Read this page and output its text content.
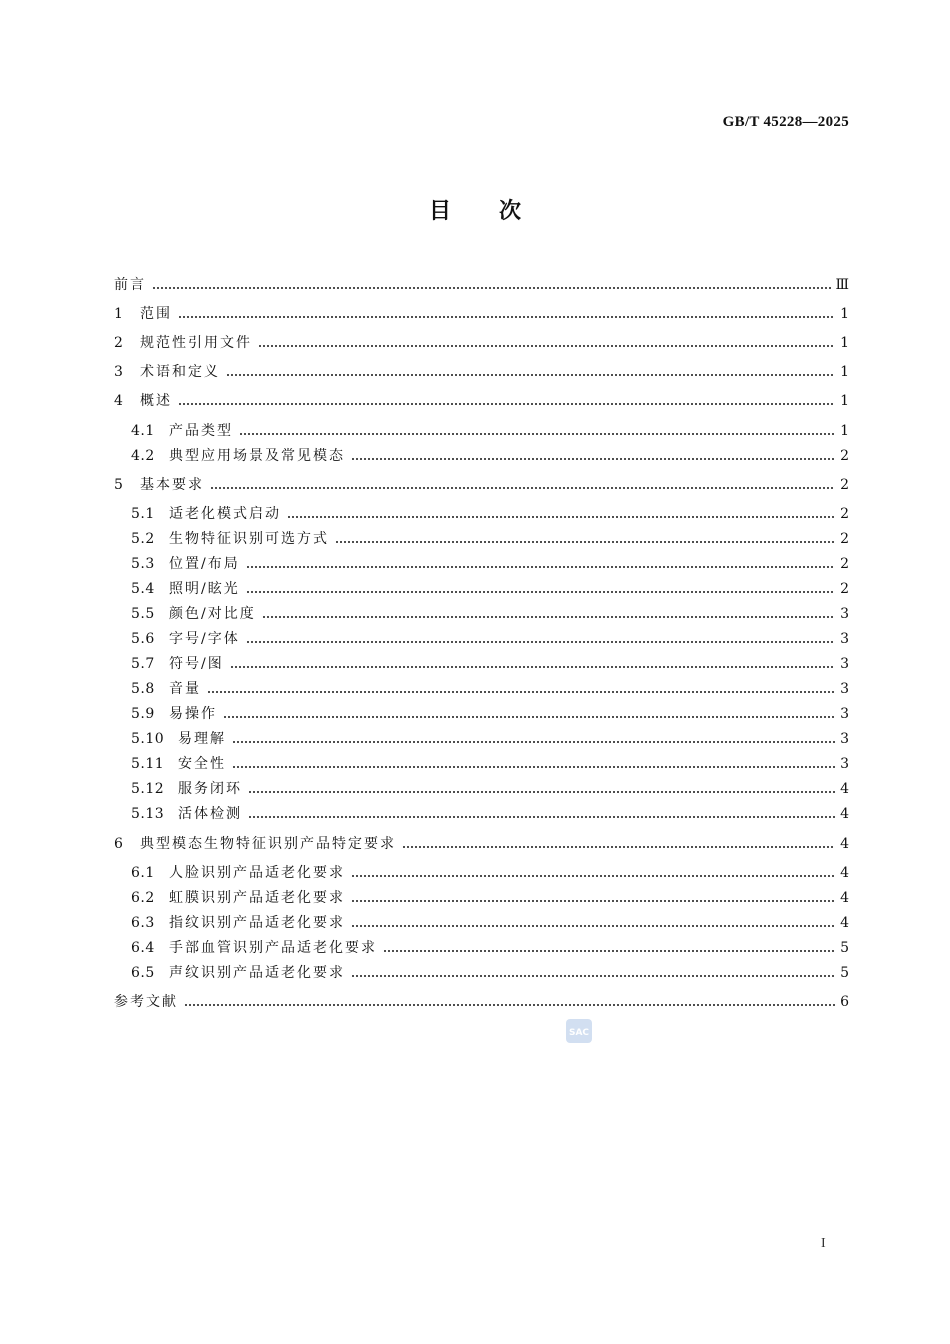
GB/T 45228—2025
目 次
前言	Ⅲ
1	范围	1
2	规范性引用文件	1
3	术语和定义	1
4	概述	1
4.1	产品类型	1
4.2	典型应用场景及常见模态	2
5	基本要求	2
5.1	适老化模式启动	2
5.2	生物特征识别可选方式	2
5.3	位置/布局	2
5.4	照明/眩光	2
5.5	颜色/对比度	3
5.6	字号/字体	3
5.7	符号/图	3
5.8	音量	3
5.9	易操作	3
5.10 易理解	3
5.11 安全性	3
5.12 服务闭环	4
5.13 活体检测	4
6	典型模态生物特征识别产品特定要求	4
6.1	人脸识别产品适老化要求	4
6.2	虹膜识别产品适老化要求	4
6.3	指纹识别产品适老化要求	4
6.4	手部血管识别产品适老化要求	5
6.5	声纹识别产品适老化要求	5
参考文献	6
SAC
I
